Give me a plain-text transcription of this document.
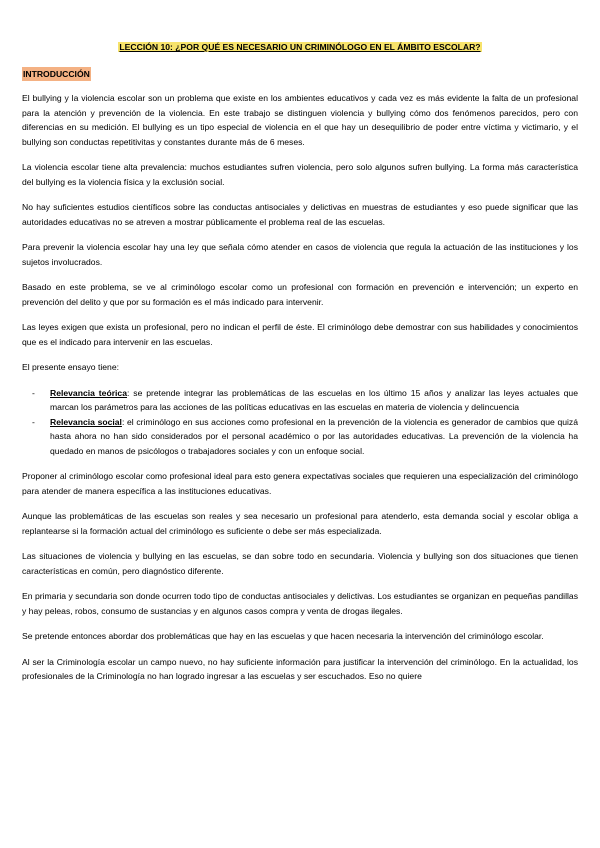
LECCIÓN 10: ¿POR QUÉ ES NECESARIO UN CRIMINÓLOGO EN EL ÁMBITO ESCOLAR?
INTRODUCCIÓN

El bullying y la violencia escolar son un problema que existe en los ambientes educativos y cada vez es más evidente la falta de un profesional para la atención y prevención de la violencia. En este trabajo se distinguen violencia y bullying cómo dos fenómenos parecidos, pero con diferencias en su medición. El bullying es un tipo especial de violencia en el que hay un desequilibrio de poder entre víctima y victimario, y el bullying son conductas repetitivitas y constantes durante más de 6 meses.

La violencia escolar tiene alta prevalencia: muchos estudiantes sufren violencia, pero solo algunos sufren bullying. La forma más característica del bullying es la violencia física y la exclusión social.

No hay suficientes estudios científicos sobre las conductas antisociales y delictivas en muestras de estudiantes y eso puede significar que las autoridades educativas no se atreven a mostrar públicamente el problema real de las escuelas.

Para prevenir la violencia escolar hay una ley que señala cómo atender en casos de violencia que regula la actuación de las instituciones y los sujetos involucrados.

Basado en este problema, se ve al criminólogo escolar como un profesional con formación en prevención e intervención; un experto en prevención del delito y que por su formación es el más indicado para intervenir.

Las leyes exigen que exista un profesional, pero no indican el perfil de éste. El criminólogo debe demostrar con sus habilidades y conocimientos que es el indicado para intervenir en las escuelas.

El presente ensayo tiene:

- Relevancia teórica: se pretende integrar las problemáticas de las escuelas en los último 15 años y analizar las leyes actuales que marcan los parámetros para las acciones de las políticas educativas en las escuelas en materia de violencia y delincuencia
- Relevancia social: el criminólogo en sus acciones como profesional en la prevención de la violencia es generador de cambios que quizá hasta ahora no han sido considerados por el personal académico o por las autoridades educativas. La prevención de la violencia ha quedado en manos de psicólogos o trabajadores sociales y con un enfoque social.

Proponer al criminólogo escolar como profesional ideal para esto genera expectativas sociales que requieren una especialización del criminólogo para atender de manera específica a las instituciones educativas.

Aunque las problemáticas de las escuelas son reales y sea necesario un profesional para atenderlo, esta demanda social y escolar obliga a replantearse si la formación actual del criminólogo es suficiente o debe ser más especializada.

Las situaciones de violencia y bullying en las escuelas, se dan sobre todo en secundaria. Violencia y bullying son dos situaciones que tienen características en común, pero diagnóstico diferente.

En primaria y secundaria son donde ocurren todo tipo de conductas antisociales y delictivas. Los estudiantes se organizan en pequeñas pandillas y hay peleas, robos, consumo de sustancias y en algunos casos compra y venta de drogas ilegales.

Se pretende entonces abordar dos problemáticas que hay en las escuelas y que hacen necesaria la intervención del criminólogo escolar.

Al ser la Criminología escolar un campo nuevo, no hay suficiente información para justificar la intervención del criminólogo. En la actualidad, los profesionales de la Criminología no han logrado ingresar a las escuelas y ser escuchados. Eso no quiere
